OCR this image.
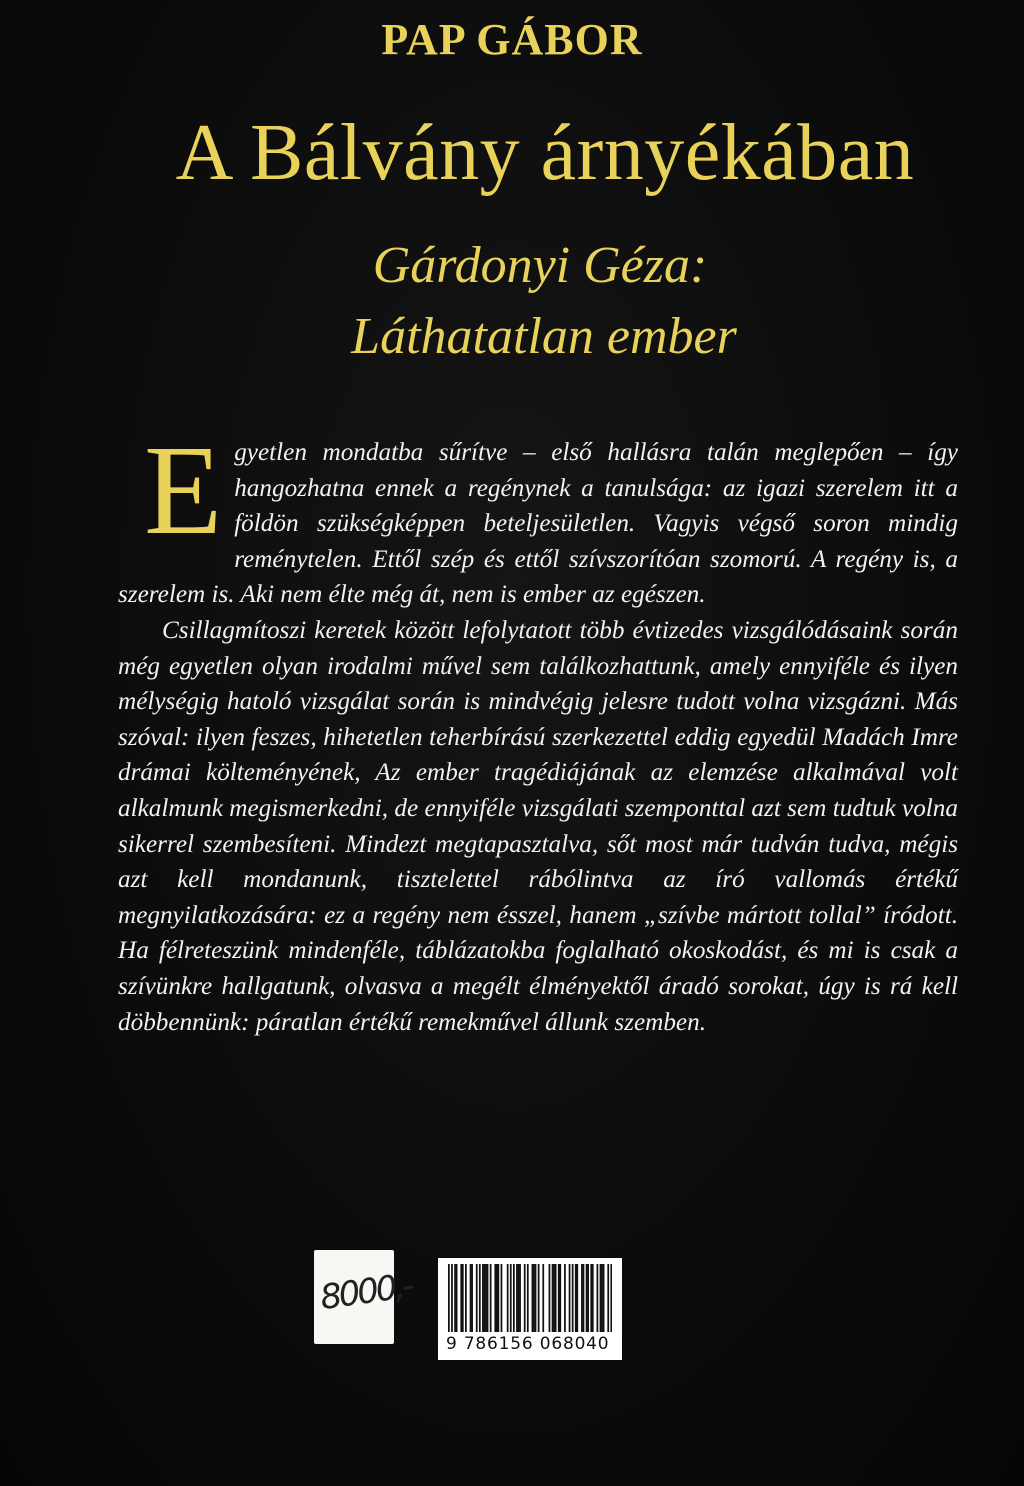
PAP GÁBOR
A Bálvány árnyékában
Gárdonyi Géza:
Láthatatlan ember

Egyetlen mondatba sűrítve – első hallásra talán meglepően – így hangozhatna ennek a regénynek a tanulsága: az igazi szerelem itt a földön szükségképpen beteljesületlen. Vagyis végső soron mindig reménytelen. Ettől szép és ettől szívszorítóan szomorú. A regény is, a szerelem is. Aki nem élte még át, nem is ember az egészen.

Csillagmítoszi keretek között lefolytatott több évtizedes vizsgálódásaink során még egyetlen olyan irodalmi művel sem találkozhattunk, amely ennyiféle és ilyen mélységig hatoló vizsgálat során is mindvégig jelesre tudott volna vizsgázni. Más szóval: ilyen feszes, hihetetlen teherbírású szerkezettel eddig egyedül Madách Imre drámai költeményének, Az ember tragédiájának az elemzése alkalmával volt alkalmunk megismerkedni, de ennyiféle vizsgálati szemponttal azt sem tudtuk volna sikerrel szembesíteni. Mindezt megtapasztalva, sőt most már tudván tudva, mégis azt kell mondanunk, tisztelettel rábólintva az író vallomás értékű megnyilatkozására: ez a regény nem ésszel, hanem „szívbe mártott tollal” íródott. Ha félreteszünk mindenféle, táblázatokba foglalható okoskodást, és mi is csak a szívünkre hallgatunk, olvasva a megélt élményektől áradó sorokat, úgy is rá kell döbbennünk: páratlan értékű remekművel állunk szemben.

8000,-
9 786156 068040
